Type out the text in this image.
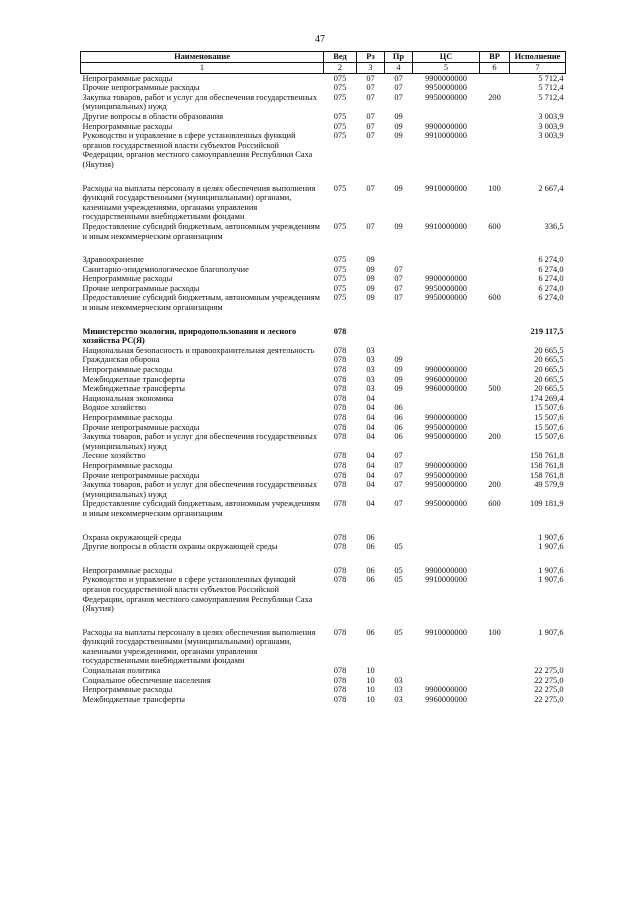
47
Наименование	Вед	Рз	Пр	ЦС	ВР	Исполнение
1	2	3	4	5	6	7
Непрограммные расходы	075	07	07	9900000000		5 712,4
Прочие непрограммные расходы	075	07	07	9950000000		5 712,4
Закупка товаров, работ и услуг для обеспечения государственных (муниципальных) нужд	075	07	07	9950000000	200	5 712,4
Другие вопросы в области образования	075	07	09			3 003,9
Непрограммные расходы	075	07	09	9900000000		3 003,9
Руководство и управление в сфере установленных функций органов государственной власти субъектов Российской Федерации, органов местного самоуправления Республики Саха (Якутия)	075	07	09	9910000000		3 003,9

Расходы на выплаты персоналу в целях обеспечения выполнения функций государственными (муниципальными) органами, казенными учреждениями, органами управления государственными внебюджетными фондами	075	07	09	9910000000	100	2 667,4
Предоставление субсидий бюджетным, автономным учреждениям и иным некоммерческим организациям	075	07	09	9910000000	600	336,5

Здравоохранение	075	09				6 274,0
Санитарно-эпидемиологическое благополучие	075	09	07			6 274,0
Непрограммные расходы	075	09	07	9900000000		6 274,0
Прочие непрограммные расходы	075	09	07	9950000000		6 274,0
Предоставление субсидий бюджетным, автономным учреждениям и иным некоммерческим организациям	075	09	07	9950000000	600	6 274,0

Министерство экологии, природопользования и лесного хозяйства РС(Я)	078					219 117,5
Национальная безопасность и правоохранительная деятельность	078	03				20 665,5
Гражданская оборона	078	03	09			20 665,5
Непрограммные расходы	078	03	09	9900000000		20 665,5
Межбюджетные трансферты	078	03	09	9960000000		20 665,5
Межбюджетные трансферты	078	03	09	9960000000	500	20 665,5
Национальная экономика	078	04				174 269,4
Водное хозяйство	078	04	06			15 507,6
Непрограммные расходы	078	04	06	9900000000		15 507,6
Прочие непрограммные расходы	078	04	06	9950000000		15 507,6
Закупка товаров, работ и услуг для обеспечения государственных (муниципальных) нужд	078	04	06	9950000000	200	15 507,6
Лесное хозяйство	078	04	07			158 761,8
Непрограммные расходы	078	04	07	9900000000		158 761,8
Прочие непрограммные расходы	078	04	07	9950000000		158 761,8
Закупка товаров, работ и услуг для обеспечения государственных (муниципальных) нужд	078	04	07	9950000000	200	49 579,9
Предоставление субсидий бюджетным, автономным учреждениям и иным некоммерческим организациям	078	04	07	9950000000	600	109 181,9

Охрана окружающей среды	078	06				1 907,6
Другие вопросы в области охраны окружающей среды	078	06	05			1 907,6

Непрограммные расходы	078	06	05	9900000000		1 907,6
Руководство и управление в сфере установленных функций органов государственной власти субъектов Российской Федерации, органов местного самоуправления Республики Саха (Якутия)	078	06	05	9910000000		1 907,6

Расходы на выплаты персоналу в целях обеспечения выполнения функций государственными (муниципальными) органами, казенными учреждениями, органами управления государственными внебюджетными фондами	078	06	05	9910000000	100	1 907,6
Социальная политика	078	10				22 275,0
Социальное обеспечение населения	078	10	03			22 275,0
Непрограммные расходы	078	10	03	9900000000		22 275,0
Межбюджетные трансферты	078	10	03	9960000000		22 275,0
